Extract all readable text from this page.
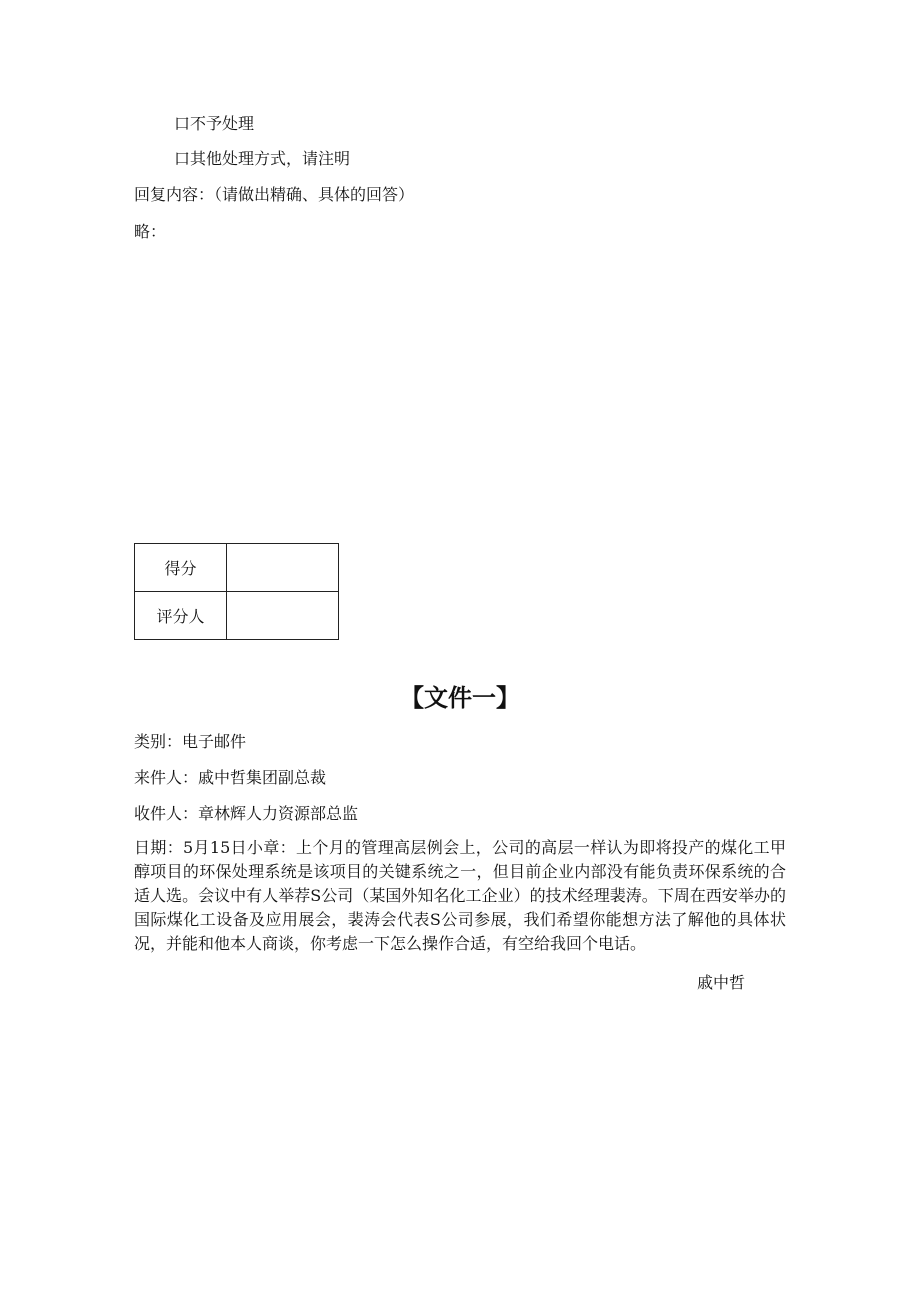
口不予处理
口其他处理方式，请注明
回复内容：（请做出精确、具体的回答）
略：
得分	
评分人	
【文件一】
类别：电子邮件
来件人：戚中哲集团副总裁
收件人：章林辉人力资源部总监
日期：5月15日小章：上个月的管理高层例会上，公司的高层一样认为即将投产的煤化工甲醇项目的环保处理系统是该项目的关键系统之一，但目前企业内部没有能负责环保系统的合适人选。会议中有人举荐S公司（某国外知名化工企业）的技术经理裴涛。下周在西安举办的国际煤化工设备及应用展会，裴涛会代表S公司参展，我们希望你能想方法了解他的具体状况，并能和他本人商谈，你考虑一下怎么操作合适，有空给我回个电话。
戚中哲
